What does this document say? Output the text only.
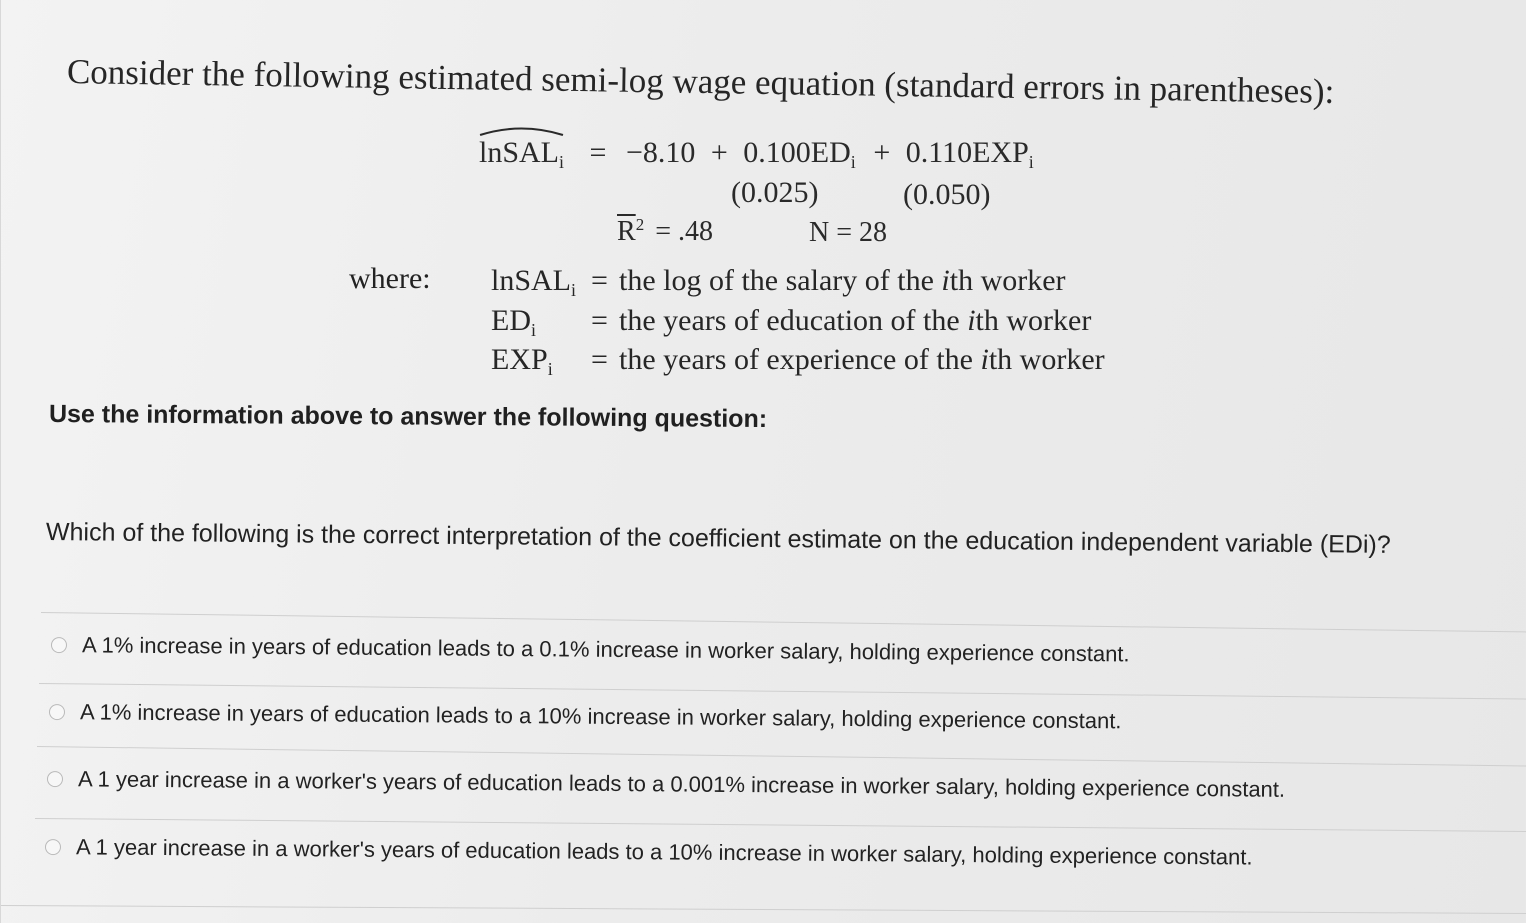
Consider the following estimated semi-log wage equation (standard errors in parentheses):
lnSAL$_i$ = $-8.10 + 0.100ED_i + 0.110EXP_i$
(0.025)	(0.050)
$\overline{R}^2 = .48$	N = 28
where: lnSAL$_i$ = the log of the salary of the ith worker
$ED_i$ = the years of education of the ith worker
$EXP_i$ = the years of experience of the ith worker
Use the information above to answer the following question:
Which of the following is the correct interpretation of the coefficient estimate on the education independent variable (EDi)?
A 1% increase in years of education leads to a 0.1% increase in worker salary, holding experience constant.
A 1% increase in years of education leads to a 10% increase in worker salary, holding experience constant.
A 1 year increase in a worker's years of education leads to a 0.001% increase in worker salary, holding experience constant.
A 1 year increase in a worker's years of education leads to a 10% increase in worker salary, holding experience constant.
